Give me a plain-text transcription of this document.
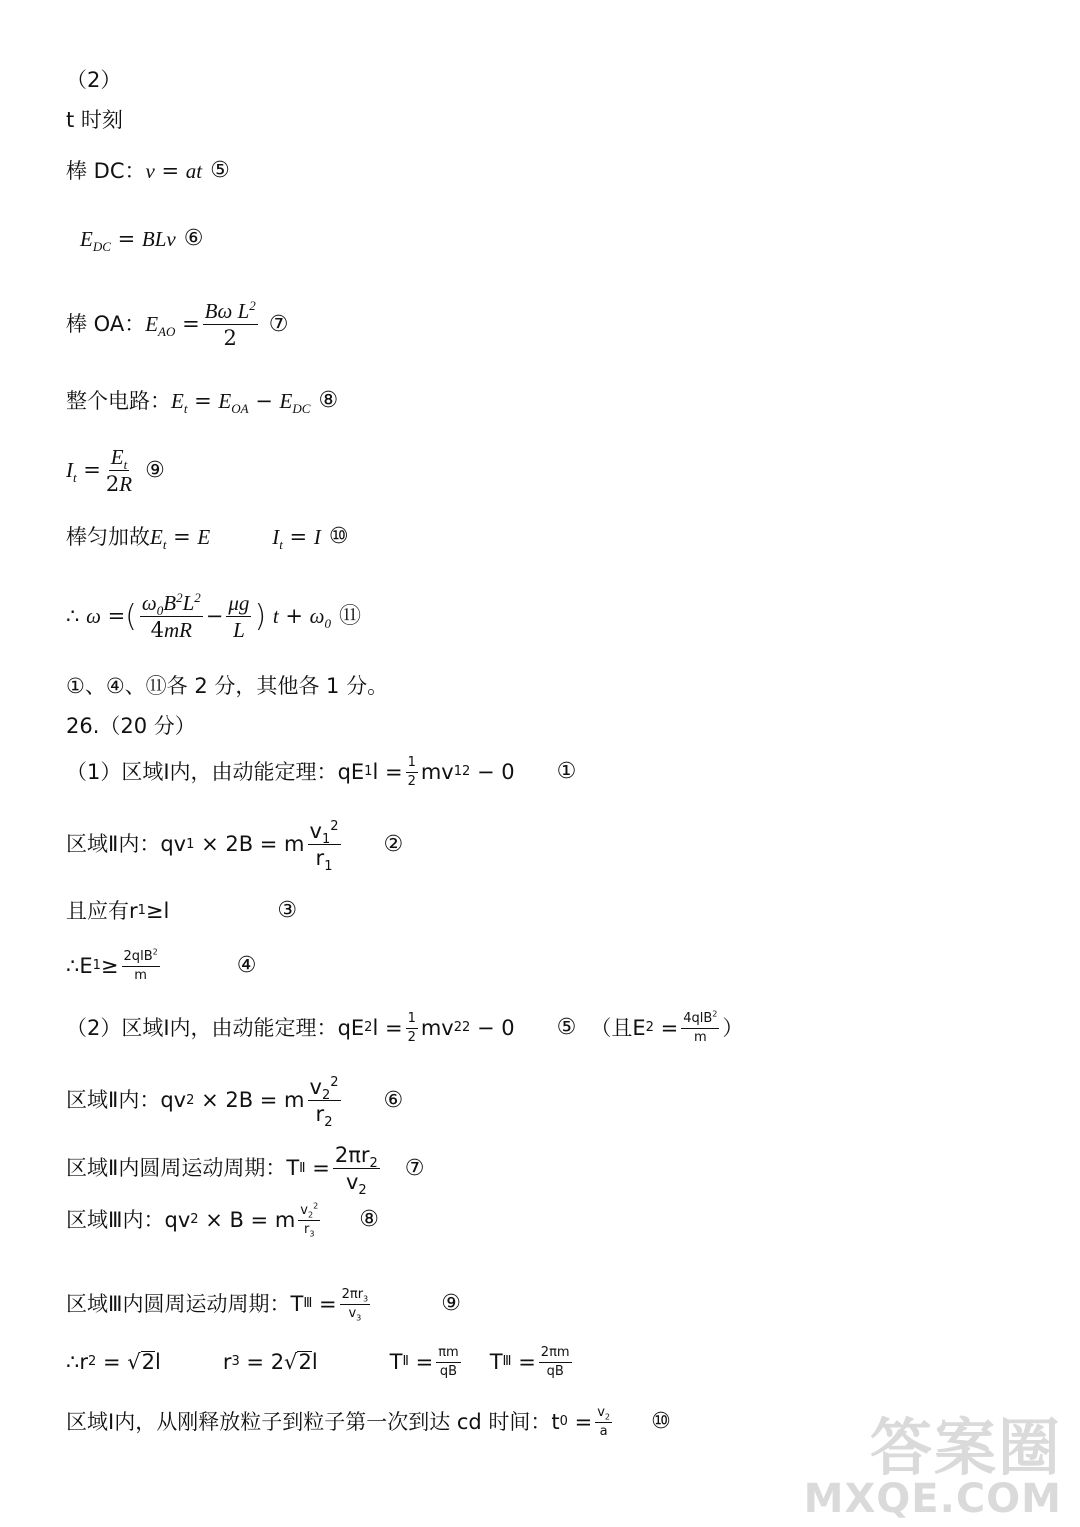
（2）
t 时刻
棒 DC： v = at ⑤
$E_{DC}$ = BLv ⑥
棒 OA： $E_{AO} = \frac{B\omega L^2}{2}$ ⑦
整个电路： $E_t = E_{OA} - E_{DC}$ ⑧
$I_t = \frac{E_t}{2R}$ ⑨
棒匀加故 $E_t = E$	$I_t = I$ ⑩
∴
ω = ( $\frac{\omega_0B^2L^2}{4mR} - \frac{\mu g}{L}$ )
$t + \omega_0$ ⑪
①、④、⑪各 2 分，其他各 1 分。
26.（20 分）
（1）区域Ⅰ内，由动能定理： qE 1 $l = \frac{1}{2}$ mv 1 2 − 0 ①
区域Ⅱ内： qv 1 × 2B = m $\frac{v_1^2}{r_1}$ ②
且应有 r 1 ≥l	③
∴E $1 \ge \frac{2qlB^2}{m}$	④
（2）区域Ⅰ内，由动能定理： qE 2 $l = \frac{1}{2}$ mv 2 2 − 0 ⑤ （且E $2 = \frac{4qlB^2}{m}$ ）
区域Ⅱ内： qv 2 × 2B = m $\frac{v_2^2}{r_2}$ ⑥
区域Ⅱ内圆周运动周期： T Ⅱ = $\frac{2\pi r_2}{v_2}$ ⑦
区域Ⅲ内： qv 2 × B = m $\frac{v_2^2}{r_3}$ ⑧
区域Ⅲ内圆周运动周期： T Ⅲ = $\frac{2\pi r_3}{v_3}$	⑨
∴r 2 = √ 2 l	r 3 = 2√ 2 l	T Ⅱ = $\frac{\pi m}{qB}$ T Ⅲ = $\frac{2\pi m}{qB}$
区域Ⅰ内，从刚释放粒子到粒子第一次到达 cd 时间： t $0 = \frac{v_2}{a}$ ⑩	答案圈
MXQE.COM
